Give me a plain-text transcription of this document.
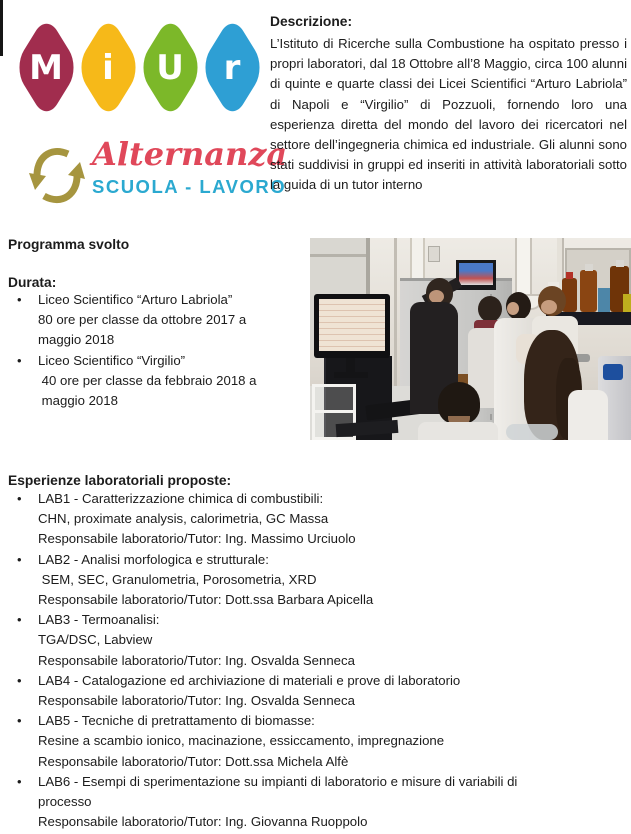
M	i	U	r
Alternanza
SCUOLA - LAVORO
Descrizione:

L’Istituto di Ricerche sulla Combustione ha ospitato presso i propri laboratori, dal 18 Ottobre all’8 Maggio, circa 100 alunni di quinte e quarte classi dei Licei Scientifici “Arturo Labriola” di Napoli e “Virgilio” di Pozzuoli, fornendo loro una esperienza diretta del mondo del lavoro dei ricercatori nel settore dell’ingegneria chimica ed industriale. Gli alunni sono stati suddivisi in gruppi ed inseriti in attività laboratoriali sotto la guida di un tutor interno

Programma svolto
Durata:
•	Liceo Scientifico “Arturo Labriola”
80 ore per classe da ottobre 2017 a
maggio 2018
•	Liceo Scientifico “Virgilio”
40 ore per classe da febbraio 2018 a
maggio 2018
Esperienze laboratoriali proposte:
•	LAB1 - Caratterizzazione chimica di combustibili:
CHN, proximate analysis, calorimetria, GC Massa
Responsabile laboratorio/Tutor: Ing. Massimo Urciuolo
•	LAB2 - Analisi morfologica e strutturale:
SEM, SEC, Granulometria, Porosometria, XRD
Responsabile laboratorio/Tutor: Dott.ssa Barbara Apicella
•	LAB3 - Termoanalisi:
TGA/DSC, Labview
Responsabile laboratorio/Tutor: Ing. Osvalda Senneca
•	LAB4 - Catalogazione ed archiviazione di materiali e prove di laboratorio
Responsabile laboratorio/Tutor: Ing. Osvalda Senneca
•	LAB5 - Tecniche di pretrattamento di biomasse:
Resine a scambio ionico, macinazione, essiccamento, impregnazione
Responsabile laboratorio/Tutor: Dott.ssa Michela Alfè
•	LAB6 - Esempi di sperimentazione su impianti di laboratorio e misure di variabili di
processo
Responsabile laboratorio/Tutor: Ing. Giovanna Ruoppolo
